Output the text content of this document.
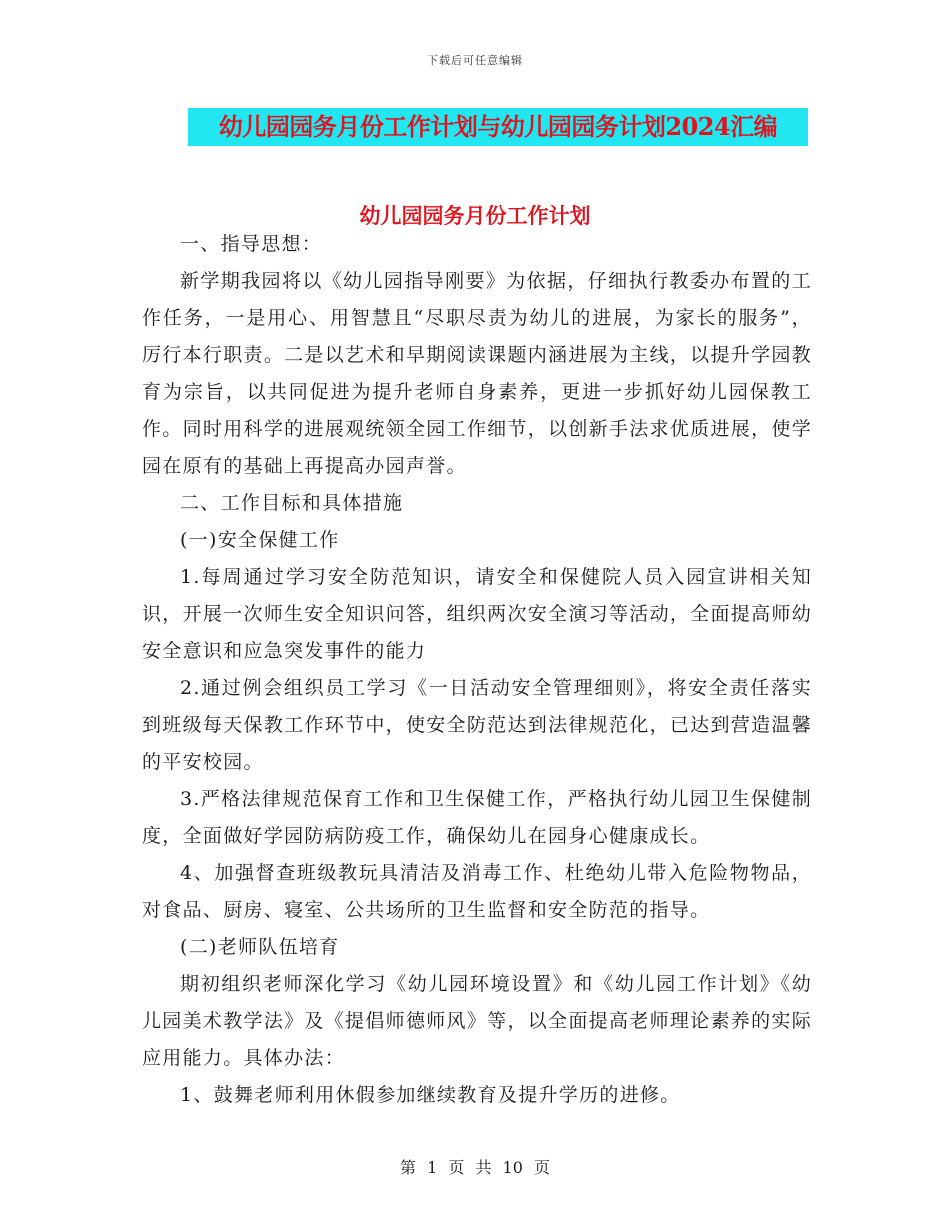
下载后可任意编辑
幼儿园园务月份工作计划与幼儿园园务计划2024汇编
幼儿园园务月份工作计划

一、指导思想：

新学期我园将以《幼儿园指导刚要》为依据，仔细执行教委办布置的工作任务，一是用心、用智慧且“尽职尽责为幼儿的进展，为家长的服务”，厉行本行职责。二是以艺术和早期阅读课题内涵进展为主线，以提升学园教育为宗旨，以共同促进为提升老师自身素养，更进一步抓好幼儿园保教工作。同时用科学的进展观统领全园工作细节，以创新手法求优质进展，使学园在原有的基础上再提高办园声誉。

二、工作目标和具体措施

(一)安全保健工作

1.每周通过学习安全防范知识，请安全和保健院人员入园宣讲相关知识，开展一次师生安全知识问答，组织两次安全演习等活动，全面提高师幼安全意识和应急突发事件的能力

2.通过例会组织员工学习《一日活动安全管理细则》，将安全责任落实到班级每天保教工作环节中，使安全防范达到法律规范化，已达到营造温馨的平安校园。

3.严格法律规范保育工作和卫生保健工作，严格执行幼儿园卫生保健制度，全面做好学园防病防疫工作，确保幼儿在园身心健康成长。

4、加强督查班级教玩具清洁及消毒工作、杜绝幼儿带入危险物物品，对食品、厨房、寝室、公共场所的卫生监督和安全防范的指导。

(二)老师队伍培育

期初组织老师深化学习《幼儿园环境设置》和《幼儿园工作计划》《幼儿园美术教学法》及《提倡师德师风》等，以全面提高老师理论素养的实际应用能力。具体办法：

1、鼓舞老师利用休假参加继续教育及提升学历的进修。

第 1 页 共 10 页
